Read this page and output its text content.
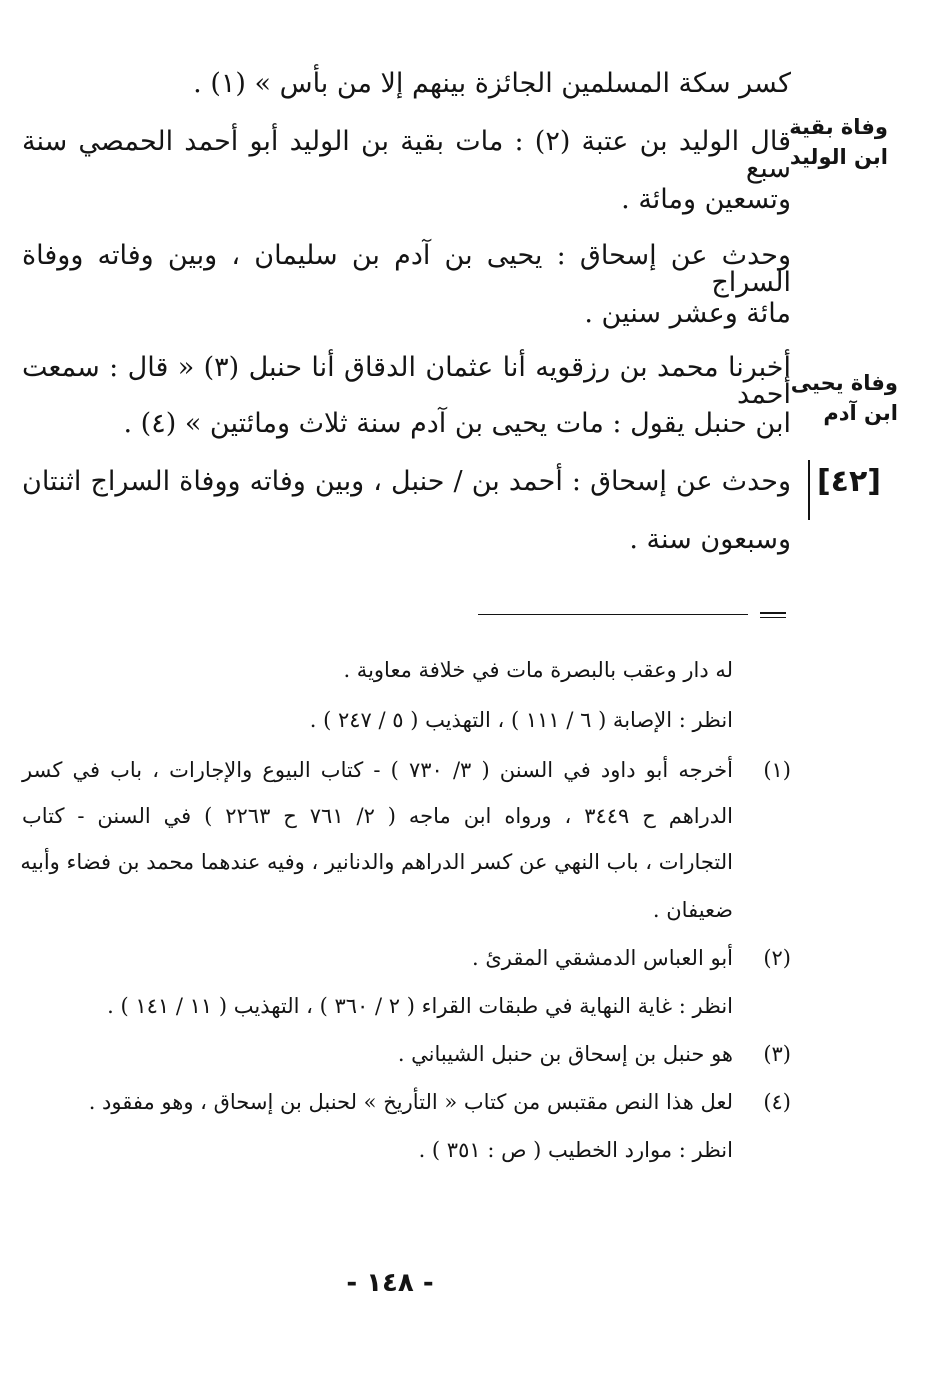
كسر سكة المسلمين الجائزة بينهم إلا من بأس » (١) .
قال الوليد بن عتبة (٢) : مات بقية بن الوليد أبو أحمد الحمصي سنة سبع
وتسعين ومائة .
وحدث عن إسحاق : يحيى بن آدم بن سليمان ، وبين وفاته ووفاة السراج
مائة وعشر سنين .
أخبرنا محمد بن رزقويه أنا عثمان الدقاق أنا حنبل (٣) « قال : سمعت أحمد
ابن حنبل يقول : مات يحيى بن آدم سنة ثلاث ومائتين » (٤) .
وحدث عن إسحاق : أحمد بن / حنبل ، وبين وفاته ووفاة السراج اثنتان
وسبعون سنة .
وفاة بقية
ابن الوليد
وفاة يحيى
ابن آدم
[٤٢]
له دار وعقب بالبصرة مات في خلافة معاوية .
انظر : الإصابة ( ٦ / ١١١ ) ، التهذيب ( ٥ / ٢٤٧ ) .
(١)
أخرجه أبو داود في السنن ( ٣/ ٧٣٠ ) - كتاب البيوع والإجارات ، باب في كسر
الدراهم ح ٣٤٤٩ ، ورواه ابن ماجه ( ٢/ ٧٦١ ح ٢٢٦٣ ) في السنن - كتاب
التجارات ، باب النهي عن كسر الدراهم والدنانير ، وفيه عندهما محمد بن فضاء وأبيه
ضعيفان .
(٢)
أبو العباس الدمشقي المقرئ .
انظر : غاية النهاية في طبقات القراء ( ٢ / ٣٦٠ ) ، التهذيب ( ١١ / ١٤١ ) .
(٣)
هو حنبل بن إسحاق بن حنبل الشيباني .
(٤)
لعل هذا النص مقتبس من كتاب « التأريخ » لحنبل بن إسحاق ، وهو مفقود .
انظر : موارد الخطيب ( ص : ٣٥١ ) .
- ١٤٨ -
